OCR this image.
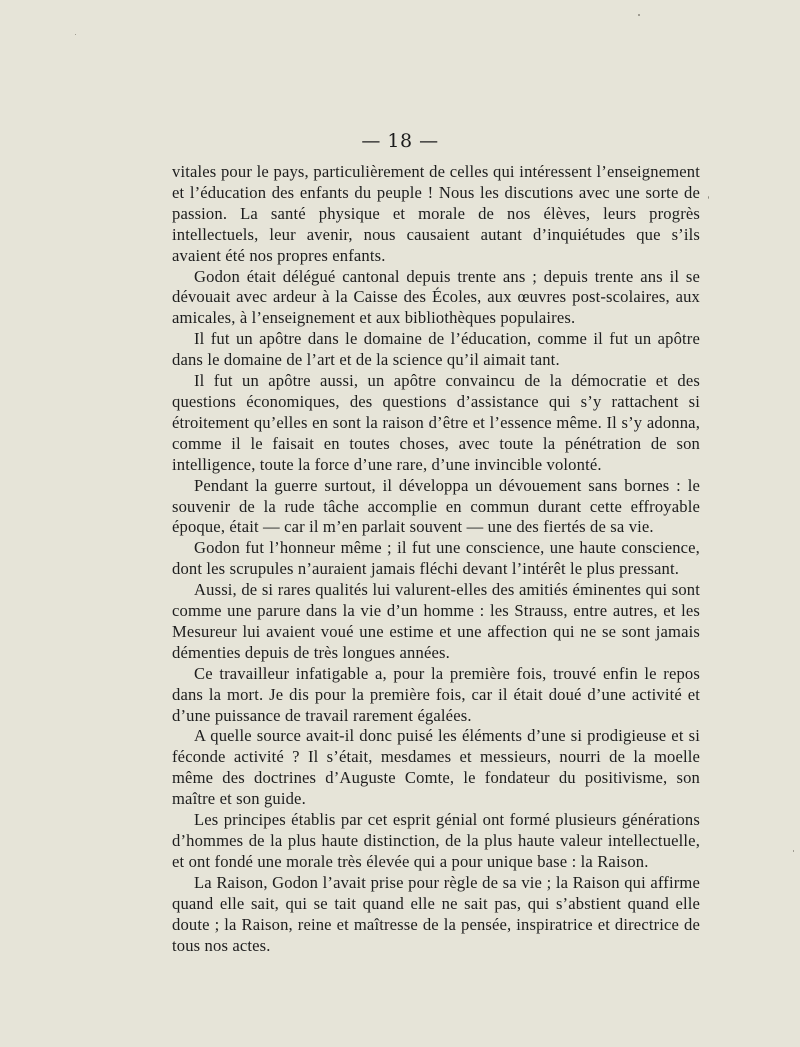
— 18 —

vitales pour le pays, particulièrement de celles qui intéressent l’enseignement et l’éducation des enfants du peuple ! Nous les discutions avec une sorte de passion. La santé physique et morale de nos élèves, leurs progrès intellectuels, leur avenir, nous causaient autant d’inquiétudes que s’ils avaient été nos propres enfants.

Godon était délégué cantonal depuis trente ans ; depuis trente ans il se dévouait avec ardeur à la Caisse des Écoles, aux œuvres post-scolaires, aux amicales, à l’enseignement et aux bibliothèques populaires.

Il fut un apôtre dans le domaine de l’éducation, comme il fut un apôtre dans le domaine de l’art et de la science qu’il aimait tant.

Il fut un apôtre aussi, un apôtre convaincu de la démocratie et des questions économiques, des questions d’assistance qui s’y rattachent si étroitement qu’elles en sont la raison d’être et l’essence même. Il s’y adonna, comme il le faisait en toutes choses, avec toute la pénétration de son intelligence, toute la force d’une rare, d’une invincible volonté.

Pendant la guerre surtout, il développa un dévouement sans bornes : le souvenir de la rude tâche accomplie en commun durant cette effroyable époque, était — car il m’en parlait souvent — une des fiertés de sa vie.

Godon fut l’honneur même ; il fut une conscience, une haute conscience, dont les scrupules n’auraient jamais fléchi devant l’intérêt le plus pressant.

Aussi, de si rares qualités lui valurent-elles des amitiés éminentes qui sont comme une parure dans la vie d’un homme : les Strauss, entre autres, et les Mesureur lui avaient voué une estime et une affection qui ne se sont jamais démenties depuis de très longues années.

Ce travailleur infatigable a, pour la première fois, trouvé enfin le repos dans la mort. Je dis pour la première fois, car il était doué d’une activité et d’une puissance de travail rarement égalées.

A quelle source avait-il donc puisé les éléments d’une si prodigieuse et si féconde activité ? Il s’était, mesdames et messieurs, nourri de la moelle même des doctrines d’Auguste Comte, le fondateur du positivisme, son maître et son guide.

Les principes établis par cet esprit génial ont formé plusieurs générations d’hommes de la plus haute distinction, de la plus haute valeur intellectuelle, et ont fondé une morale très élevée qui a pour unique base : la Raison.

La Raison, Godon l’avait prise pour règle de sa vie ; la Raison qui affirme quand elle sait, qui se tait quand elle ne sait pas, qui s’abstient quand elle doute ; la Raison, reine et maîtresse de la pensée, inspiratrice et directrice de tous nos actes.
